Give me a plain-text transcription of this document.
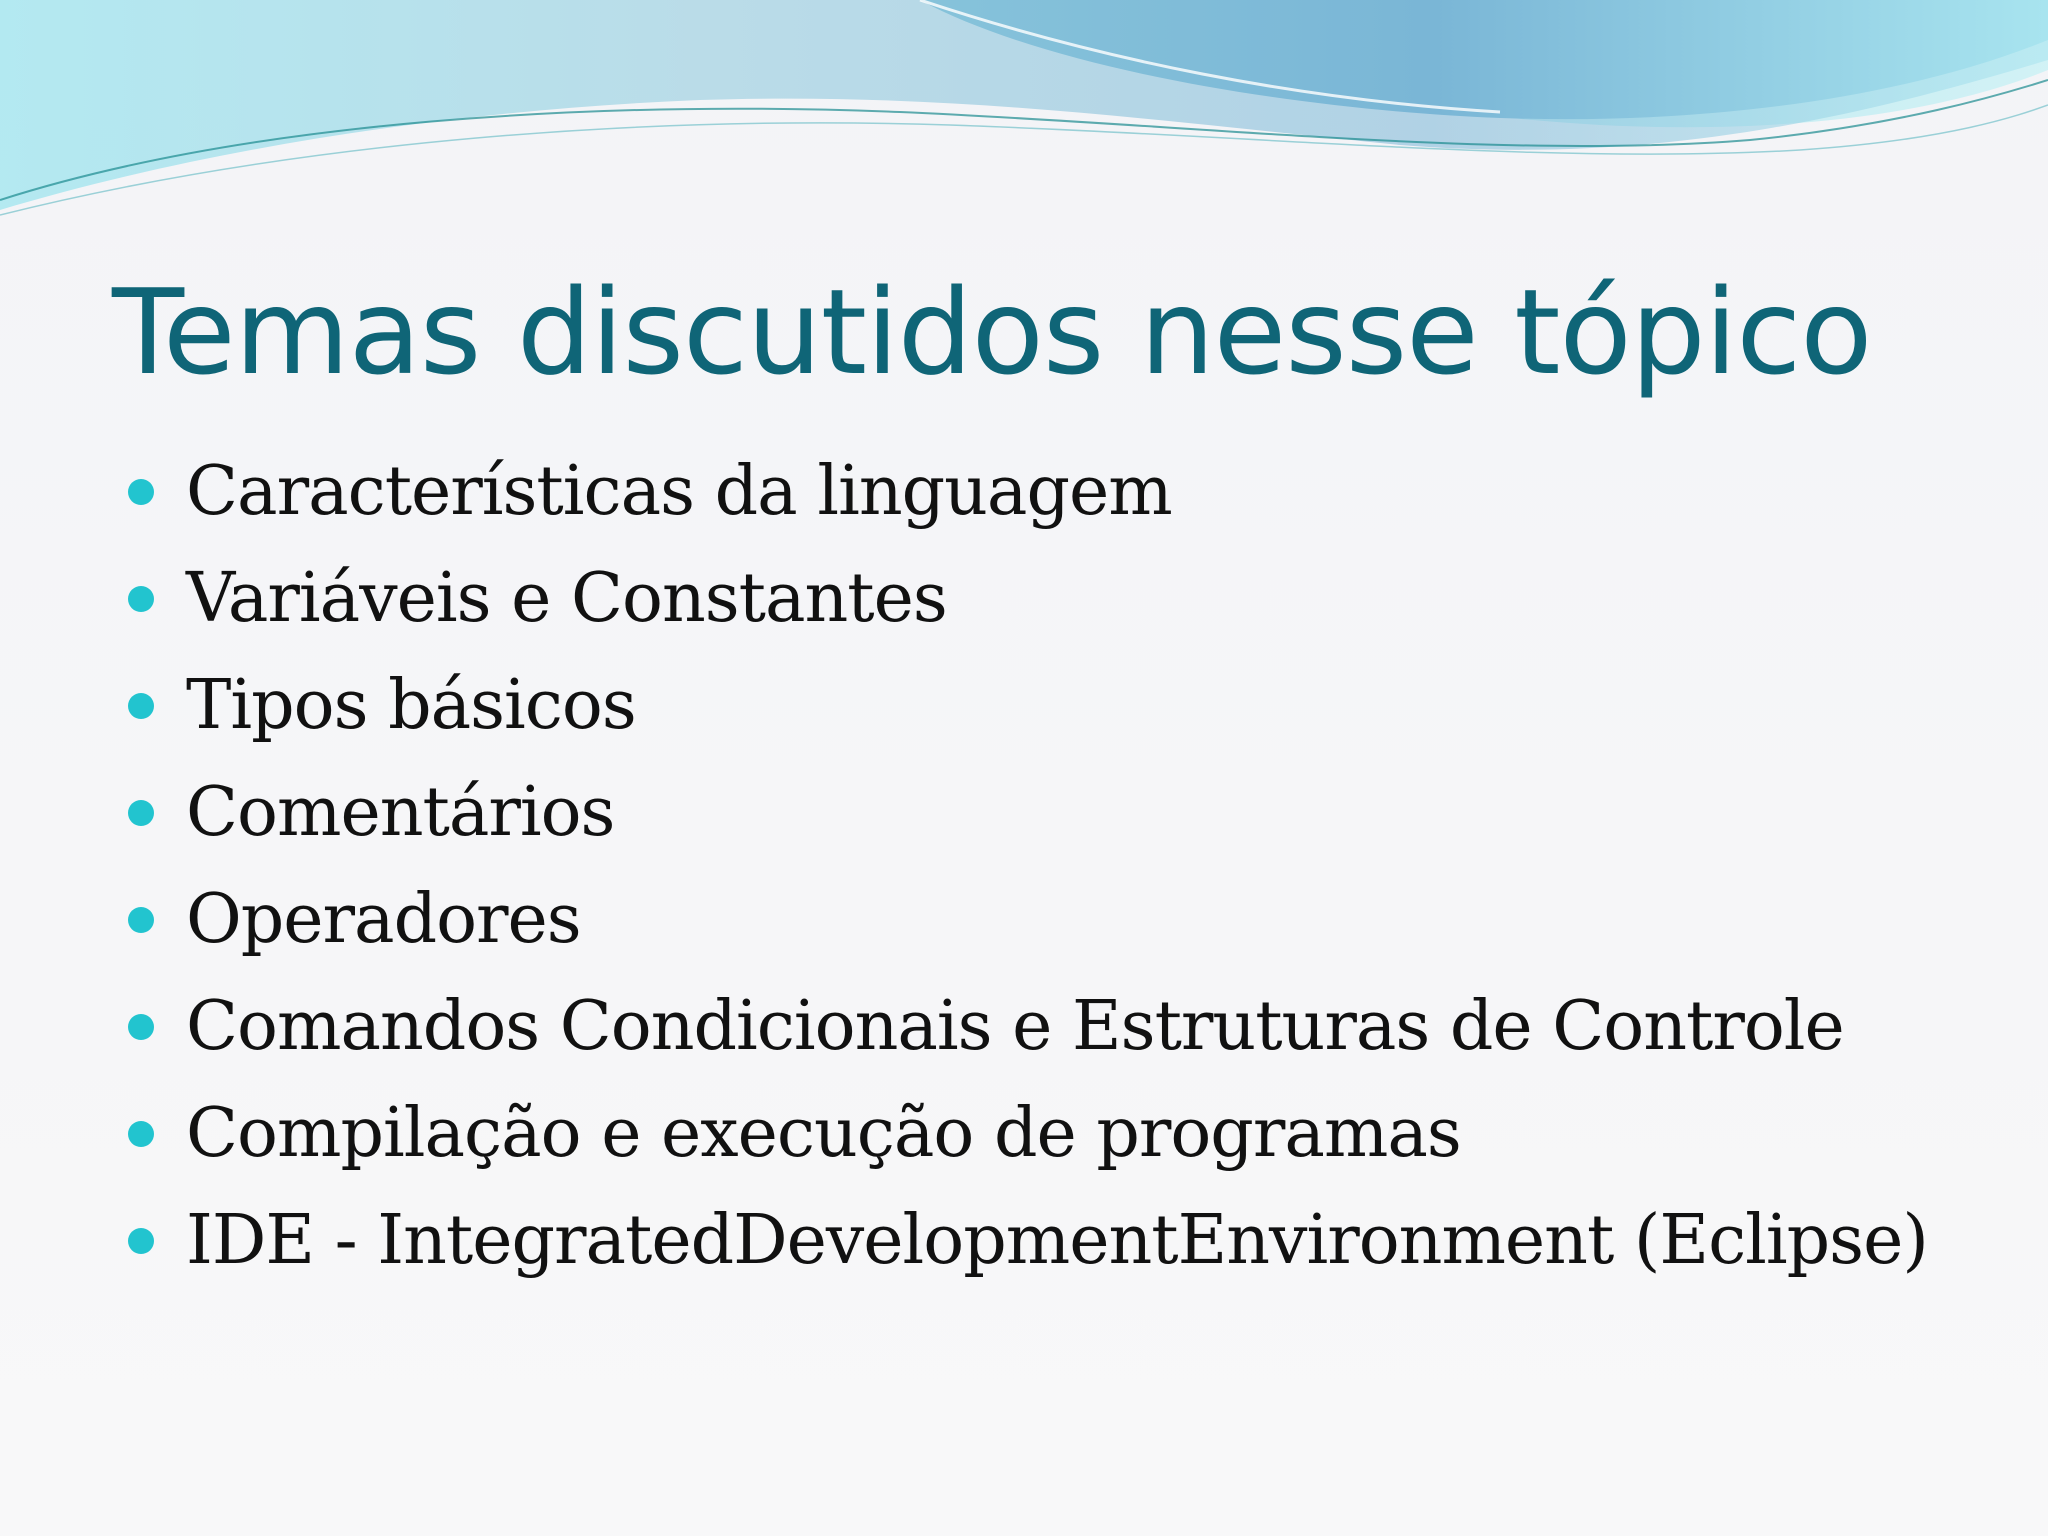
Temas discutidos nesse tópico
Características da linguagem
Variáveis e Constantes
Tipos básicos
Comentários
Operadores
Comandos Condicionais e Estruturas de Controle
Compilação e execução de programas
IDE - IntegratedDevelopmentEnvironment (Eclipse)
